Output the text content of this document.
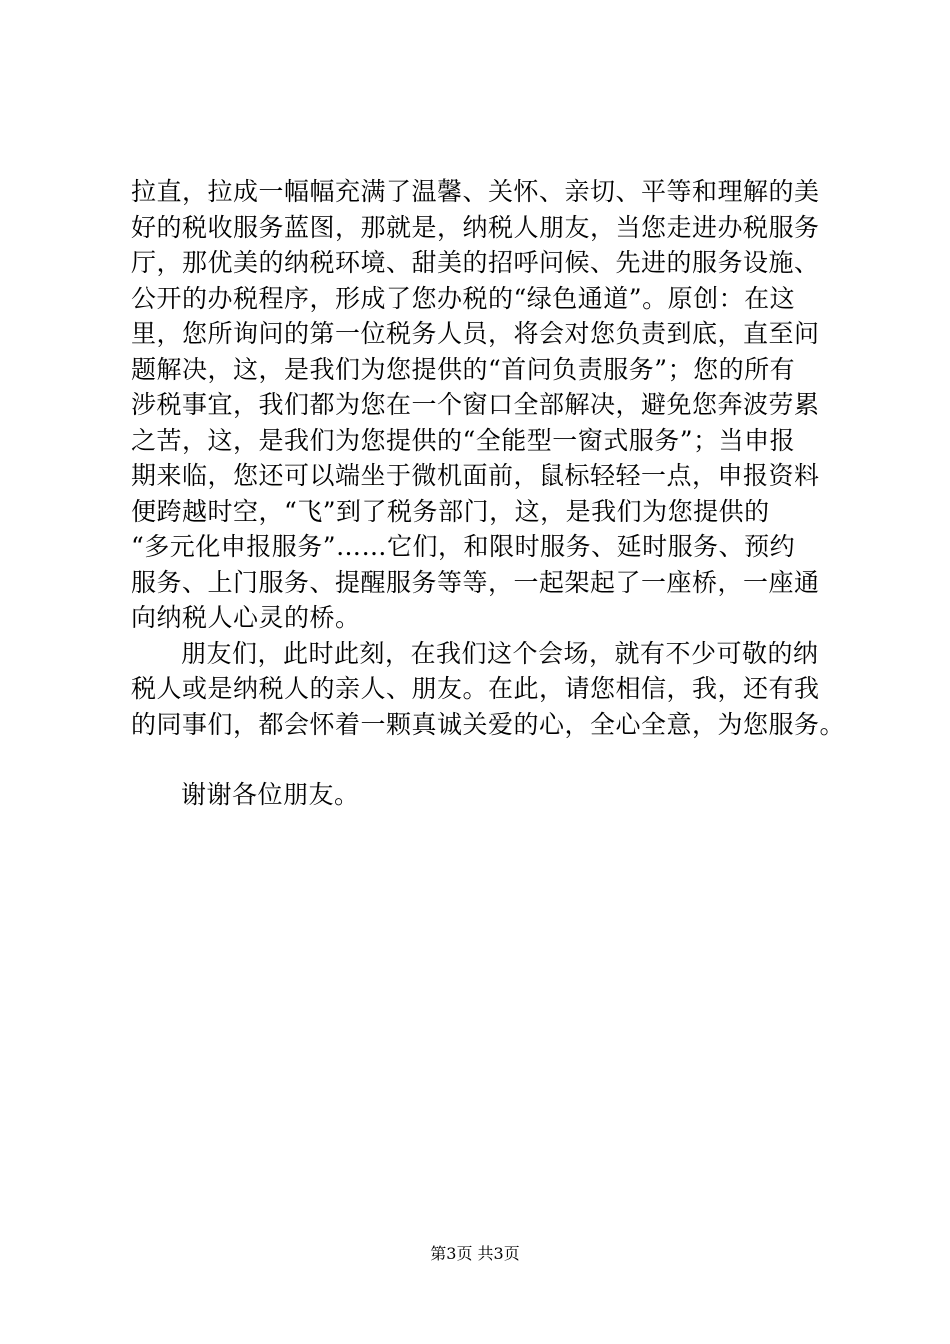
拉直，拉成一幅幅充满了温馨、关怀、亲切、平等和理解的美
好的税收服务蓝图，那就是，纳税人朋友，当您走进办税服务
厅，那优美的纳税环境、甜美的招呼问候、先进的服务设施、
公开的办税程序，形成了您办税的“绿色通道”。原创：在这
里，您所询问的第一位税务人员，将会对您负责到底，直至问
题解决，这，是我们为您提供的“首问负责服务”；您的所有
涉税事宜，我们都为您在一个窗口全部解决，避免您奔波劳累
之苦，这，是我们为您提供的“全能型一窗式服务”；当申报
期来临，您还可以端坐于微机面前，鼠标轻轻一点，申报资料
便跨越时空，“飞”到了税务部门，这，是我们为您提供的
“多元化申报服务”……它们，和限时服务、延时服务、预约
服务、上门服务、提醒服务等等，一起架起了一座桥，一座通
向纳税人心灵的桥。
朋友们，此时此刻，在我们这个会场，就有不少可敬的纳
税人或是纳税人的亲人、朋友。在此，请您相信，我，还有我
的同事们，都会怀着一颗真诚关爱的心，全心全意，为您服务。
谢谢各位朋友。
第3页 共3页
